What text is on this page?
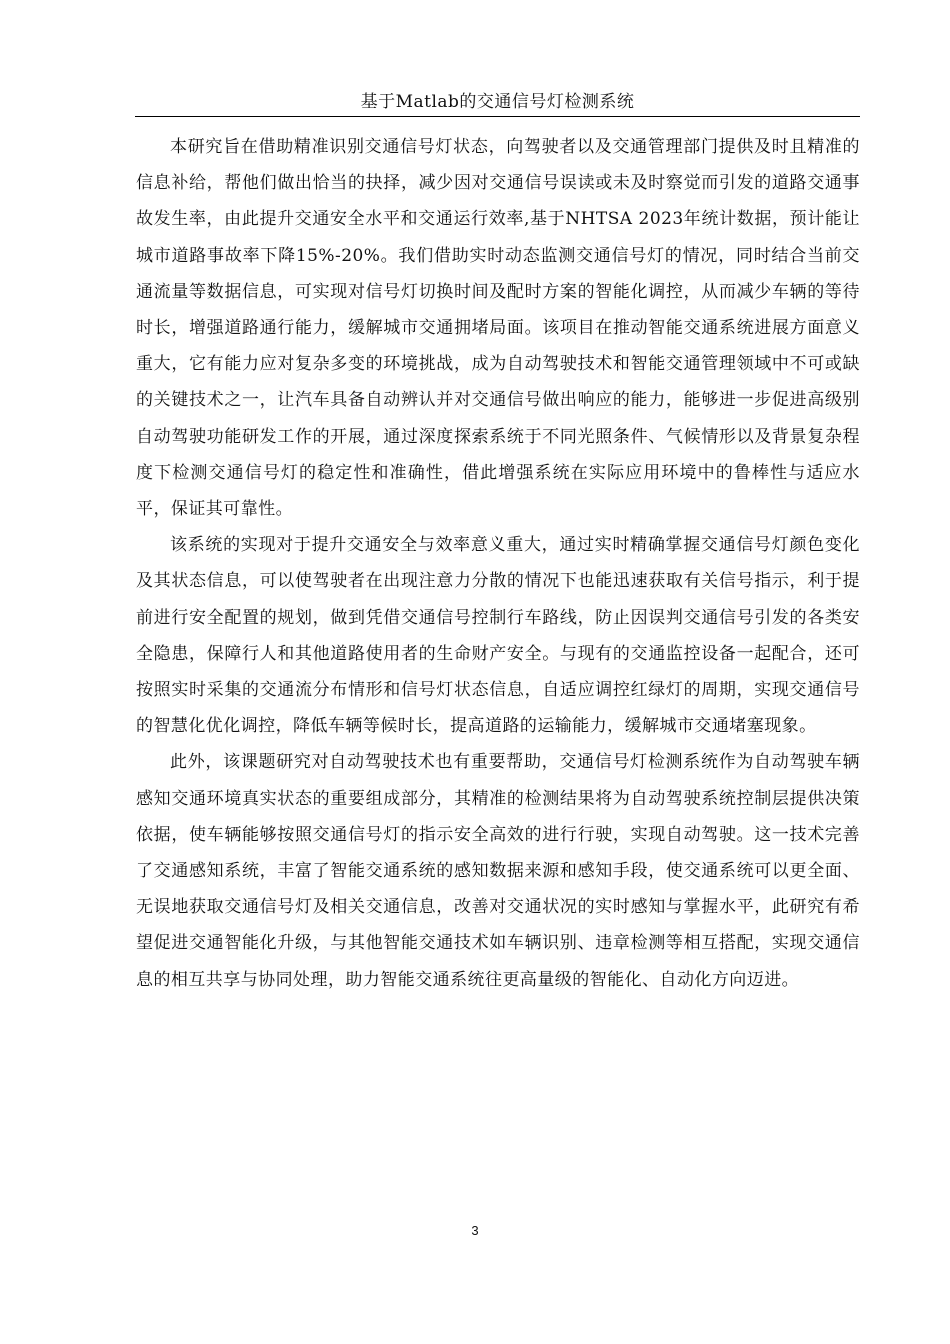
基于Matlab的交通信号灯检测系统

本研究旨在借助精准识别交通信号灯状态，向驾驶者以及交通管理部门提供及时且精准的信息补给，帮他们做出恰当的抉择，减少因对交通信号误读或未及时察觉而引发的道路交通事故发生率，由此提升交通安全水平和交通运行效率,基于NHTSA 2023年统计数据，预计能让城市道路事故率下降15%-20%。我们借助实时动态监测交通信号灯的情况，同时结合当前交通流量等数据信息，可实现对信号灯切换时间及配时方案的智能化调控，从而减少车辆的等待时长，增强道路通行能力，缓解城市交通拥堵局面。该项目在推动智能交通系统进展方面意义重大，它有能力应对复杂多变的环境挑战，成为自动驾驶技术和智能交通管理领域中不可或缺的关键技术之一，让汽车具备自动辨认并对交通信号做出响应的能力，能够进一步促进高级别自动驾驶功能研发工作的开展，通过深度探索系统于不同光照条件、气候情形以及背景复杂程度下检测交通信号灯的稳定性和准确性，借此增强系统在实际应用环境中的鲁棒性与适应水平，保证其可靠性。

该系统的实现对于提升交通安全与效率意义重大，通过实时精确掌握交通信号灯颜色变化及其状态信息，可以使驾驶者在出现注意力分散的情况下也能迅速获取有关信号指示，利于提前进行安全配置的规划，做到凭借交通信号控制行车路线，防止因误判交通信号引发的各类安全隐患，保障行人和其他道路使用者的生命财产安全。与现有的交通监控设备一起配合，还可按照实时采集的交通流分布情形和信号灯状态信息，自适应调控红绿灯的周期，实现交通信号的智慧化优化调控，降低车辆等候时长，提高道路的运输能力，缓解城市交通堵塞现象。

此外，该课题研究对自动驾驶技术也有重要帮助，交通信号灯检测系统作为自动驾驶车辆感知交通环境真实状态的重要组成部分，其精准的检测结果将为自动驾驶系统控制层提供决策依据，使车辆能够按照交通信号灯的指示安全高效的进行行驶，实现自动驾驶。这一技术完善了交通感知系统，丰富了智能交通系统的感知数据来源和感知手段，使交通系统可以更全面、无误地获取交通信号灯及相关交通信息，改善对交通状况的实时感知与掌握水平，此研究有希望促进交通智能化升级，与其他智能交通技术如车辆识别、违章检测等相互搭配，实现交通信息的相互共享与协同处理，助力智能交通系统往更高量级的智能化、自动化方向迈进。

3
